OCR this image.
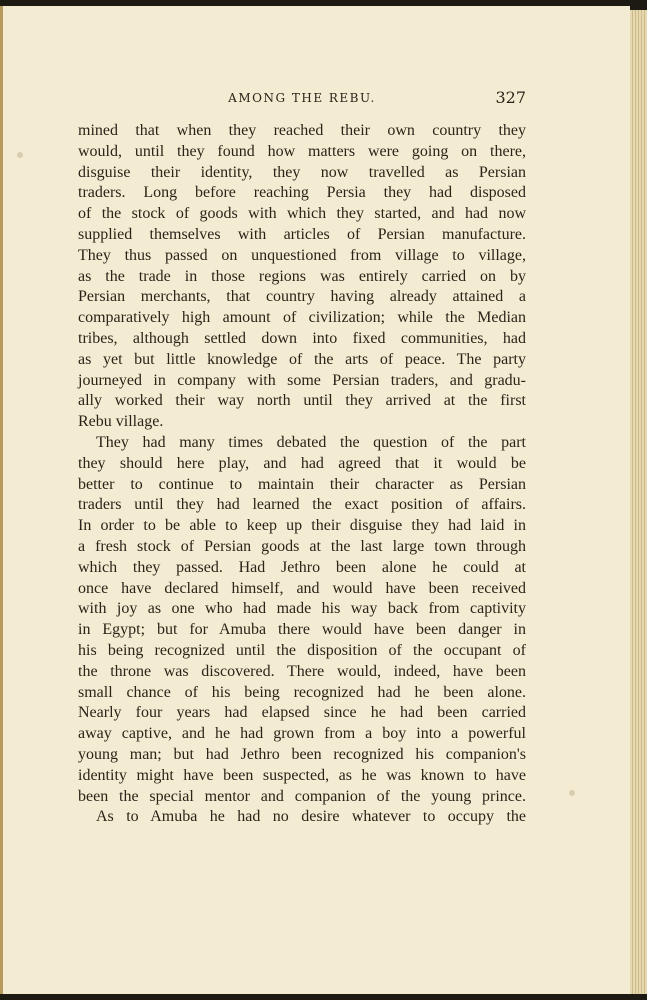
AMONG THE REBU.	327
mined that when they reached their own country they
would, until they found how matters were going on there,
disguise their identity, they now travelled as Persian
traders. Long before reaching Persia they had disposed
of the stock of goods with which they started, and had now
supplied themselves with articles of Persian manufacture.
They thus passed on unquestioned from village to village,
as the trade in those regions was entirely carried on by
Persian merchants, that country having already attained a
comparatively high amount of civilization; while the Median
tribes, although settled down into fixed communities, had
as yet but little knowledge of the arts of peace. The party
journeyed in company with some Persian traders, and gradu-
ally worked their way north until they arrived at the first
Rebu village.
They had many times debated the question of the part
they should here play, and had agreed that it would be
better to continue to maintain their character as Persian
traders until they had learned the exact position of affairs.
In order to be able to keep up their disguise they had laid in
a fresh stock of Persian goods at the last large town through
which they passed. Had Jethro been alone he could at
once have declared himself, and would have been received
with joy as one who had made his way back from captivity
in Egypt; but for Amuba there would have been danger in
his being recognized until the disposition of the occupant of
the throne was discovered. There would, indeed, have been
small chance of his being recognized had he been alone.
Nearly four years had elapsed since he had been carried
away captive, and he had grown from a boy into a powerful
young man; but had Jethro been recognized his companion's
identity might have been suspected, as he was known to have
been the special mentor and companion of the young prince.
As to Amuba he had no desire whatever to occupy the
